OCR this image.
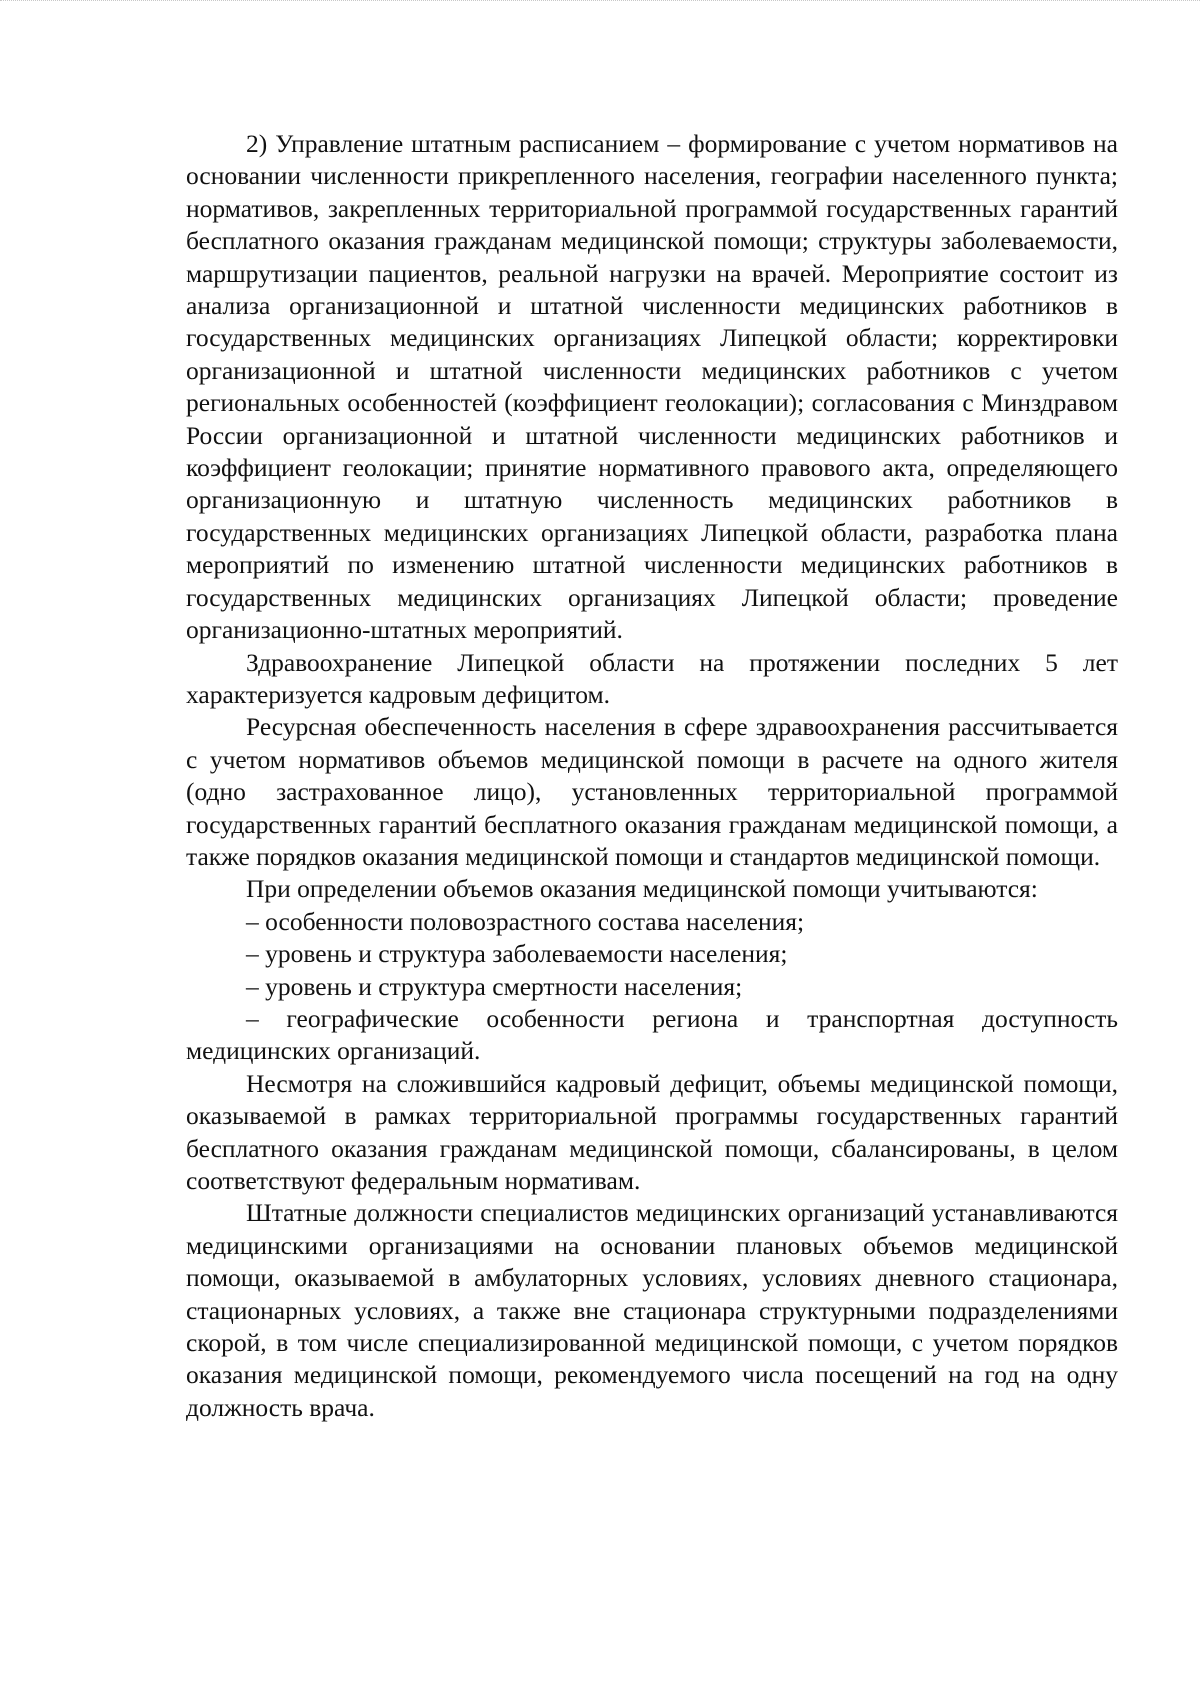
2) Управление штатным расписанием – формирование с учетом нормативов на основании численности прикрепленного населения, географии населенного пункта; нормативов, закрепленных территориальной программой государственных гарантий бесплатного оказания гражданам медицинской помощи; структуры заболеваемости, маршрутизации пациентов, реальной нагрузки на врачей. Мероприятие состоит из анализа организационной и штатной численности медицинских работников в государственных медицинских организациях Липецкой области; корректировки организационной и штатной численности медицинских работников с учетом региональных особенностей (коэффициент геолокации); согласования с Минздравом России организационной и штатной численности медицинских работников и коэффициент геолокации; принятие нормативного правового акта, определяющего организационную и штатную численность медицинских работников в государственных медицинских организациях Липецкой области, разработка плана мероприятий по изменению штатной численности медицинских работников в государственных медицинских организациях Липецкой области; проведение организационно-штатных мероприятий.

Здравоохранение Липецкой области на протяжении последних 5 лет характеризуется кадровым дефицитом.

Ресурсная обеспеченность населения в сфере здравоохранения рассчитывается с учетом нормативов объемов медицинской помощи в расчете на одного жителя (одно застрахованное лицо), установленных территориальной программой государственных гарантий бесплатного оказания гражданам медицинской помощи, а также порядков оказания медицинской помощи и стандартов медицинской помощи.

При определении объемов оказания медицинской помощи учитываются:

– особенности половозрастного состава населения;

– уровень и структура заболеваемости населения;

– уровень и структура смертности населения;

– географические особенности региона и транспортная доступность медицинских организаций.

Несмотря на сложившийся кадровый дефицит, объемы медицинской помощи, оказываемой в рамках территориальной программы государственных гарантий бесплатного оказания гражданам медицинской помощи, сбалансированы, в целом соответствуют федеральным нормативам.

Штатные должности специалистов медицинских организаций устанавливаются медицинскими организациями на основании плановых объемов медицинской помощи, оказываемой в амбулаторных условиях, условиях дневного стационара, стационарных условиях, а также вне стационара структурными подразделениями скорой, в том числе специализированной медицинской помощи, с учетом порядков оказания медицинской помощи, рекомендуемого числа посещений на год на одну должность врача.
